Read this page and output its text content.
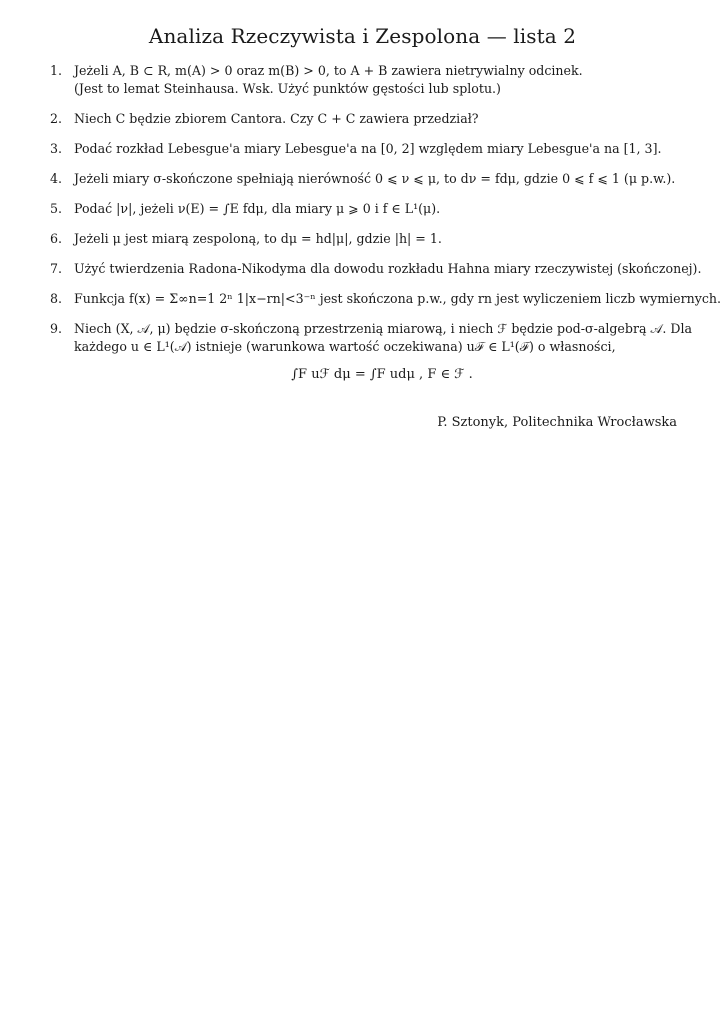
Analiza Rzeczywista i Zespolona — lista 2
1. Jeżeli A, B ⊂ R, m(A) > 0 oraz m(B) > 0, to A + B zawiera nietrywialny odcinek.
(Jest to lemat Steinhausa. Wsk. Użyć punktów gęstości lub splotu.)
2. Niech C będzie zbiorem Cantora. Czy C + C zawiera przedział?
3. Podać rozkład Lebesgue'a miary Lebesgue'a na [0, 2] względem miary Lebesgue'a na [1, 3].
4. Jeżeli miary σ-skończone spełniają nierówność 0 ⩽ ν ⩽ μ, to dν = fdμ, gdzie 0 ⩽ f ⩽ 1 (μ p.w.).
5. Podać |ν|, jeżeli ν(E) = ∫E fdμ, dla miary μ ⩾ 0 i f ∈ L¹(μ).
6. Jeżeli μ jest miarą zespoloną, to dμ = hd|μ|, gdzie |h| = 1.
7. Użyć twierdzenia Radona-Nikodyma dla dowodu rozkładu Hahna miary rzeczywistej (skończonej).
8. Funkcja f(x) = Σ∞n=1 2ⁿ 1|x−rn|<3⁻ⁿ jest skończona p.w., gdy rn jest wyliczeniem liczb wymiernych.
9. Niech (X, 𝒜, μ) będzie σ-skończoną przestrzenią miarową, i niech ℱ będzie pod-σ-algebrą 𝒜. Dla
każdego u ∈ L¹(𝒜) istnieje (warunkowa wartość oczekiwana) uℱ ∈ L¹(ℱ) o własności,
∫F uℱ dμ = ∫F udμ , F ∈ ℱ .
P. Sztonyk, Politechnika Wrocławska
